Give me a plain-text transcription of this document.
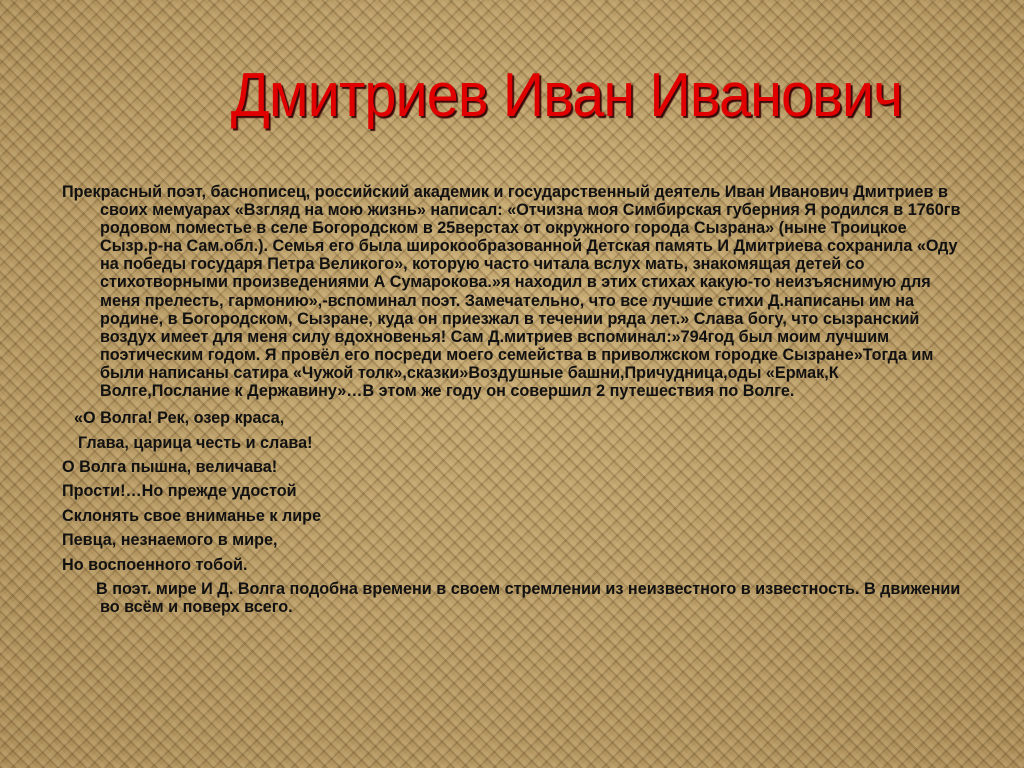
Дмитриев Иван Иванович

Прекрасный поэт, баснописец, российский академик и государственный деятель Иван Иванович Дмитриев в своих мемуарах «Взгляд на мою жизнь» написал: «Отчизна моя Симбирская губерния Я родился в 1760гв родовом поместье в селе Богородском в 25верстах от окружного города Сызрана» (ныне Троицкое Сызр.р-на Сам.обл.). Семья его была широкообразованной Детская память И Дмитриева сохранила «Оду на победы государя Петра Великого», которую часто читала вслух мать, знакомящая детей со стихотворными произведениями А Сумарокова.»я находил в этих стихах какую-то неизъяснимую для меня прелесть, гармонию»,-вспоминал поэт. Замечательно, что все лучшие стихи Д.написаны им на родине, в Богородском, Сызране, куда он приезжал в течении ряда лет.» Слава богу, что сызранский воздух имеет для меня силу вдохновенья! Сам Д.митриев вспоминал:»794год был моим лучшим поэтическим годом. Я провёл его посреди моего семейства в приволжском городке Сызране»Тогда им были написаны сатира «Чужой толк»,сказки»Воздушные башни,Причудница,оды «Ермак,К Волге,Послание к Державину»…В этом же году он совершил 2 путешествия по Волге.

«О Волга! Рек, озер краса,
Глава, царица честь и слава!
О Волга пышна, величава!
Прости!…Но прежде удостой
Склонять свое вниманье к лире
Певца, незнаемого в мире,
Но воспоенного тобой.

В поэт. мире И Д. Волга подобна времени в своем стремлении из неизвестного в известность. В движении во всём и поверх всего.
